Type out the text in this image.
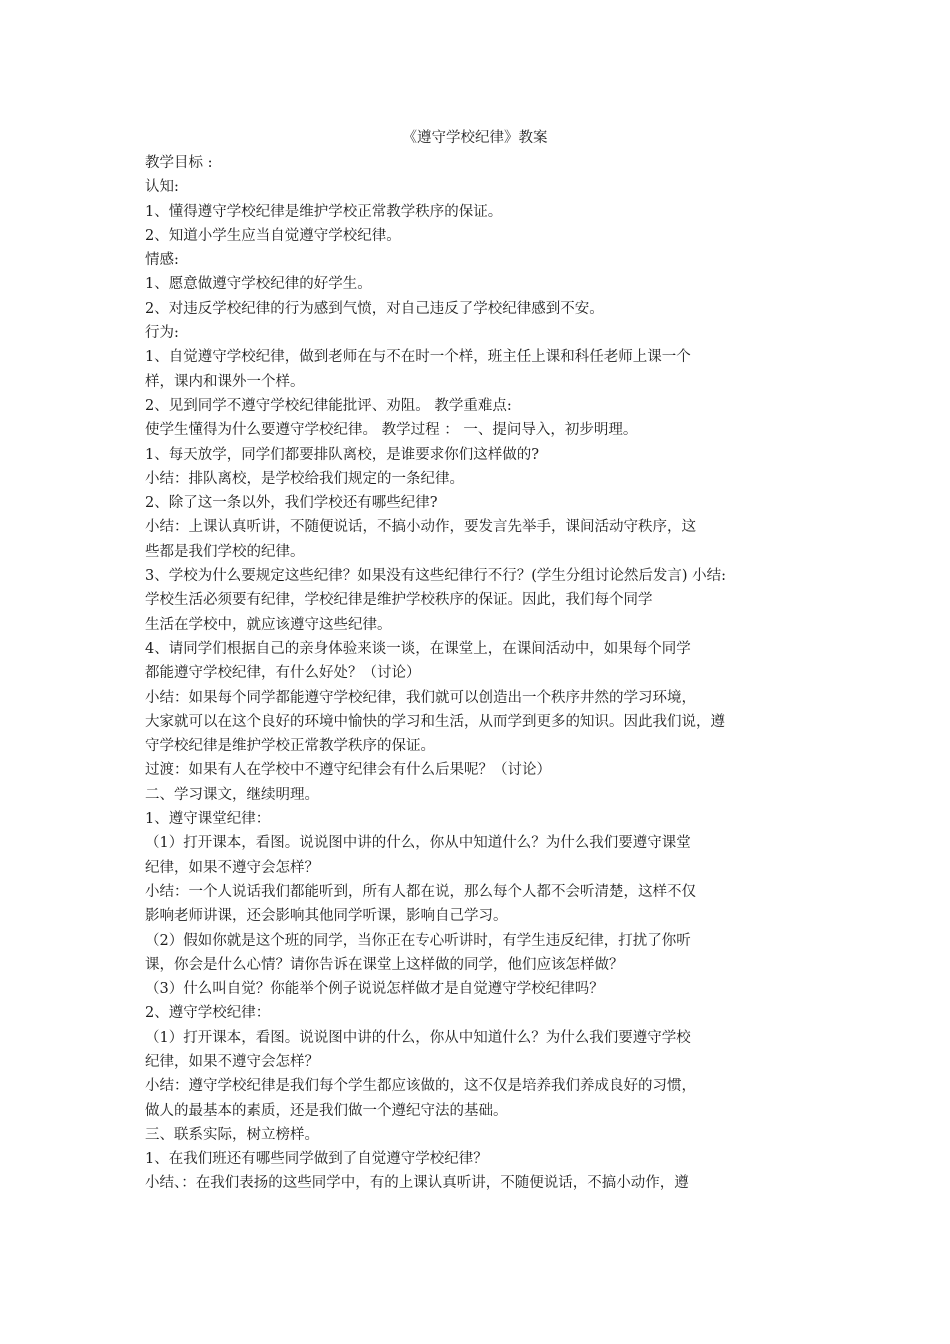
《遵守学校纪律》教案
教学目标 :
认知:
1、懂得遵守学校纪律是维护学校正常教学秩序的保证。
2、知道小学生应当自觉遵守学校纪律。
情感:
1、愿意做遵守学校纪律的好学生。
2、对违反学校纪律的行为感到气愤，对自己违反了学校纪律感到不安。
行为:
1、自觉遵守学校纪律，做到老师在与不在时一个样，班主任上课和科任老师上课一个
样，课内和课外一个样。
2、见到同学不遵守学校纪律能批评、劝阻。 教学重难点:
使学生懂得为什么要遵守学校纪律。 教学过程 ： 一、提问导入，初步明理。
1、每天放学，同学们都要排队离校，是谁要求你们这样做的?
小结：排队离校，是学校给我们规定的一条纪律。
2、除了这一条以外，我们学校还有哪些纪律?
小结：上课认真听讲，不随便说话，不搞小动作，要发言先举手，课间活动守秩序，这
些都是我们学校的纪律。
3、学校为什么要规定这些纪律？如果没有这些纪律行不行？(学生分组讨论然后发言) 小结:
学校生活必须要有纪律，学校纪律是维护学校秩序的保证。因此，我们每个同学
生活在学校中，就应该遵守这些纪律。
4、请同学们根据自己的亲身体验来谈一谈，在课堂上，在课间活动中，如果每个同学
都能遵守学校纪律，有什么好处？（讨论）
小结：如果每个同学都能遵守学校纪律，我们就可以创造出一个秩序井然的学习环境，
大家就可以在这个良好的环境中愉快的学习和生活，从而学到更多的知识。因此我们说，遵
守学校纪律是维护学校正常教学秩序的保证。
过渡：如果有人在学校中不遵守纪律会有什么后果呢？（讨论）
二、学习课文，继续明理。
1、遵守课堂纪律：
（1）打开课本，看图。说说图中讲的什么，你从中知道什么？为什么我们要遵守课堂
纪律，如果不遵守会怎样？
小结：一个人说话我们都能听到，所有人都在说，那么每个人都不会听清楚，这样不仅
影响老师讲课，还会影响其他同学听课，影响自己学习。
（2）假如你就是这个班的同学，当你正在专心听讲时，有学生违反纪律，打扰了你听
课，你会是什么心情？请你告诉在课堂上这样做的同学，他们应该怎样做？
（3）什么叫自觉？你能举个例子说说怎样做才是自觉遵守学校纪律吗？
2、遵守学校纪律：
（1）打开课本，看图。说说图中讲的什么，你从中知道什么？为什么我们要遵守学校
纪律，如果不遵守会怎样？
小结：遵守学校纪律是我们每个学生都应该做的，这不仅是培养我们养成良好的习惯，
做人的最基本的素质，还是我们做一个遵纪守法的基础。
三、联系实际，树立榜样。
1、在我们班还有哪些同学做到了自觉遵守学校纪律？
小结、：在我们表扬的这些同学中，有的上课认真听讲，不随便说话，不搞小动作，遵
